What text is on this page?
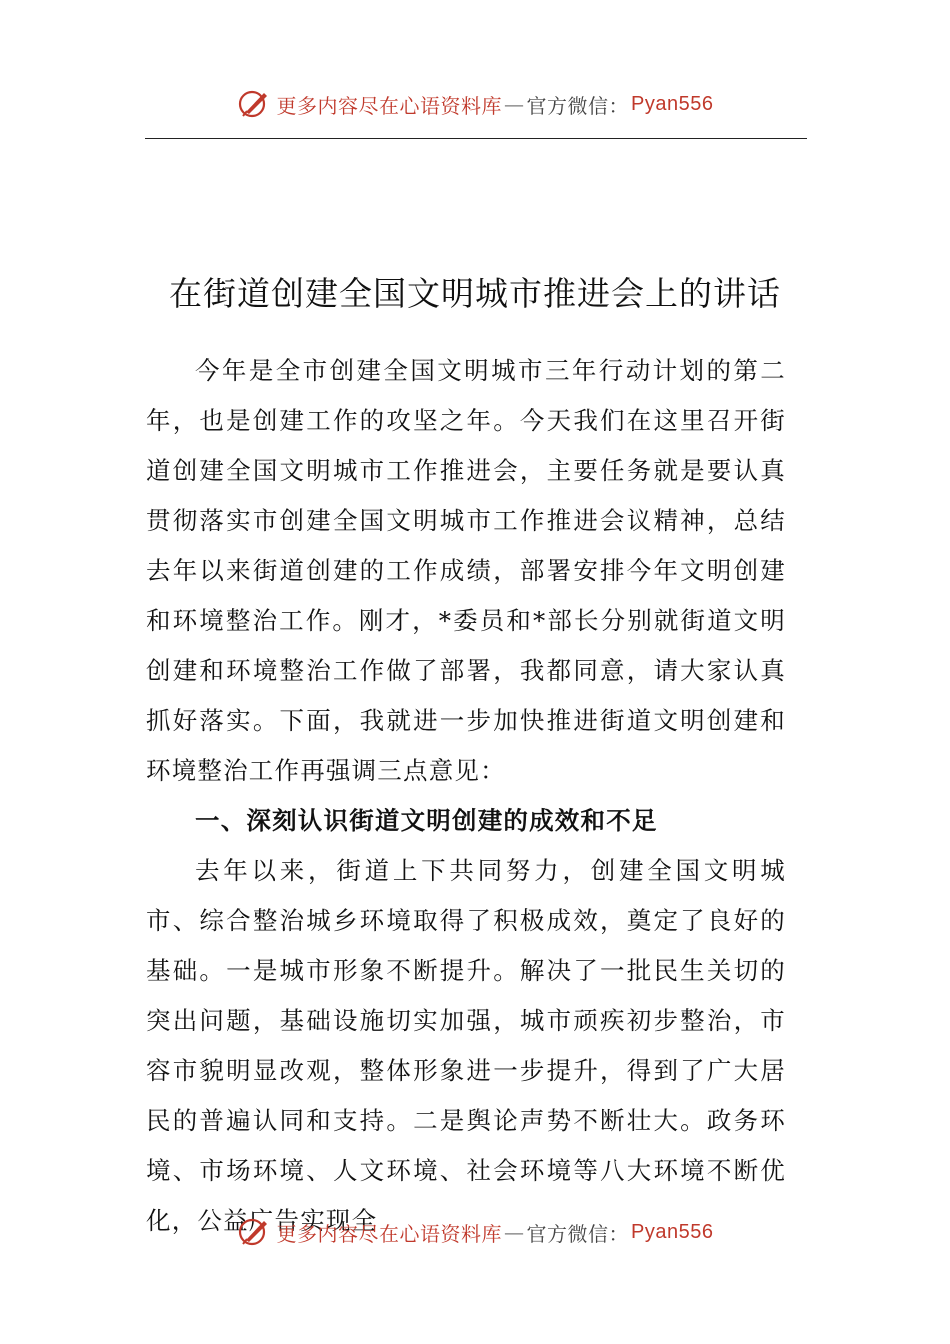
更多内容尽在心语资料库 — 官方微信： Pyan556
在街道创建全国文明城市推进会上的讲话

今年是全市创建全国文明城市三年行动计划的第二年，也是创建工作的攻坚之年。今天我们在这里召开街道创建全国文明城市工作推进会，主要任务就是要认真贯彻落实市创建全国文明城市工作推进会议精神，总结去年以来街道创建的工作成绩，部署安排今年文明创建和环境整治工作。刚才，*委员和*部长分别就街道文明创建和环境整治工作做了部署，我都同意，请大家认真抓好落实。下面，我就进一步加快推进街道文明创建和环境整治工作再强调三点意见：

一、深刻认识街道文明创建的成效和不足

去年以来，街道上下共同努力，创建全国文明城市、综合整治城乡环境取得了积极成效，奠定了良好的基础。一是城市形象不断提升。解决了一批民生关切的突出问题，基础设施切实加强，城市顽疾初步整治，市容市貌明显改观，整体形象进一步提升，得到了广大居民的普遍认同和支持。二是舆论声势不断壮大。政务环境、市场环境、人文环境、社会环境等八大环境不断优化，公益广告实现全

更多内容尽在心语资料库 — 官方微信： Pyan556
